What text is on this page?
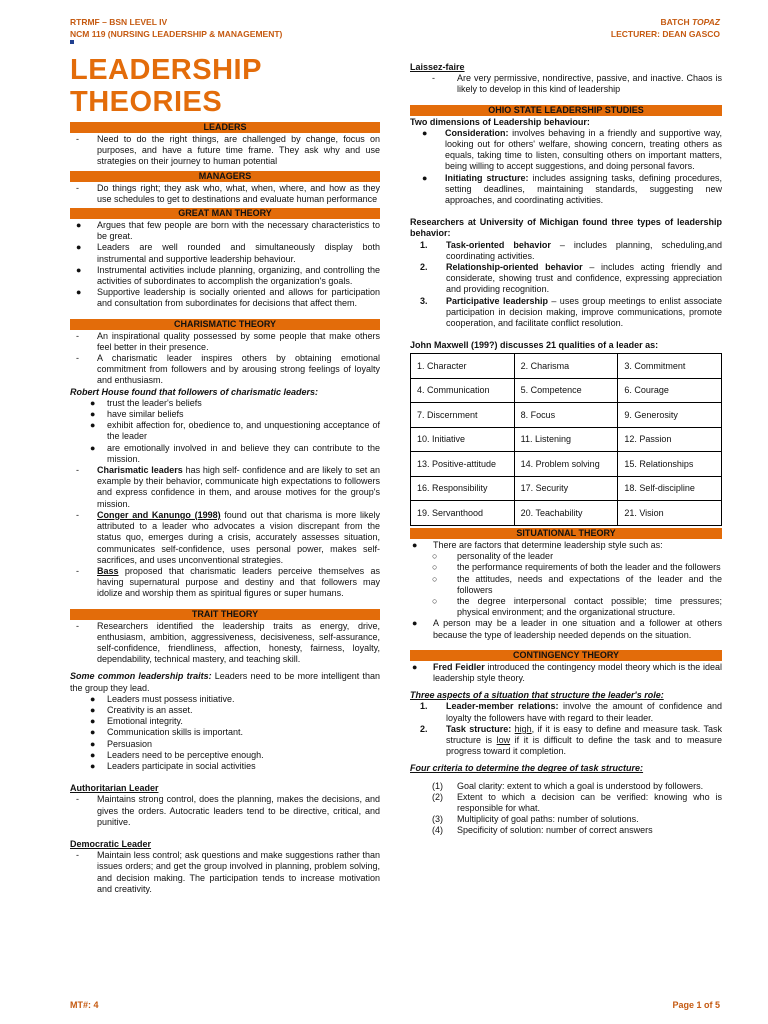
RTRMF – BSN LEVEL IV
NCM 119 (NURSING LEADERSHIP & MANAGEMENT)
BATCH TOPAZ
LECTURER: DEAN GASCO
LEADERSHIP
THEORIES
LEADERS
- Need to do the right things, are challenged by change, focus on purposes, and have a future time frame. They ask why and use strategies on their journey to human potential
MANAGERS
- Do things right; they ask who, what, when, where, and how as they use schedules to get to destinations and evaluate human performance
GREAT MAN THEORY
● Argues that few people are born with the necessary characteristics to be great.
● Leaders are well rounded and simultaneously display both instrumental and supportive leadership behaviour.
● Instrumental activities include planning, organizing, and controlling the activities of subordinates to accomplish the organization's goals.
● Supportive leadership is socially oriented and allows for participation and consultation from subordinates for decisions that affect them.
CHARISMATIC THEORY
- An inspirational quality possessed by some people that make others feel better in their presence.
- A charismatic leader inspires others by obtaining emotional commitment from followers and by arousing strong feelings of loyalty and enthusiasm.
Robert House found that followers of charismatic leaders:
● trust the leader's beliefs
● have similar beliefs
● exhibit affection for, obedience to, and unquestioning acceptance of the leader
● are emotionally involved in and believe they can contribute to the mission.
- Charismatic leaders has high self- confidence and are likely to set an example by their behavior, communicate high expectations to followers and express confidence in them, and arouse motives for the group's mission.
- Conger and Kanungo (1998) found out that charisma is more likely attributed to a leader who advocates a vision discrepant from the status quo, emerges during a crisis, accurately assesses situation, communicates self-confidence, uses personal power, makes self-sacrifices, and uses unconventional strategies.
- Bass proposed that charismatic leaders perceive themselves as having supernatural purpose and destiny and that followers may idolize and worship them as spiritual figures or super humans.
TRAIT THEORY
- Researchers identified the leadership traits as energy, drive, enthusiasm, ambition, aggressiveness, decisiveness, self-assurance, self-confidence, friendliness, affection, honesty, fairness, loyalty, dependability, technical mastery, and teaching skill.
Some common leadership traits: Leaders need to be more intelligent than the group they lead.
● Leaders must possess initiative.
● Creativity is an asset.
● Emotional integrity.
● Communication skills is important.
● Persuasion
● Leaders need to be perceptive enough.
● Leaders participate in social activities
Authoritarian Leader
- Maintains strong control, does the planning, makes the decisions, and gives the orders. Autocratic leaders tend to be directive, critical, and punitive.
Democratic Leader
- Maintain less control; ask questions and make suggestions rather than issues orders; and get the group involved in planning, problem solving, and decision making. The participation tends to increase motivation and creativity.
Laissez-faire
-	Are very permissive, nondirective, passive, and inactive. Chaos is likely to develop in this kind of leadership
OHIO STATE LEADERSHIP STUDIES
Two dimensions of Leadership behaviour:
●	Consideration: involves behaving in a friendly and supportive way, looking out for others' welfare, showing concern, treating others as equals, taking time to listen, consulting others on important matters, being willing to accept suggestions, and doing personal favors.
●	Initiating structure: includes assigning tasks, defining procedures, setting deadlines, maintaining standards, suggesting new approaches, and coordinating activities.
Researchers at University of Michigan found three types of leadership behavior:
1. Task-oriented behavior – includes planning, scheduling,and coordinating activities.
2. Relationship-oriented behavior – includes acting friendly and considerate, showing trust and confidence, expressing appreciation and providing recognition.
3. Participative leadership – uses group meetings to enlist associate participation in decision making, improve communications, promote cooperation, and facilitate conflict resolution.
John Maxwell (199?) discusses 21 qualities of a leader as:
1. Character	2. Charisma	3. Commitment
4. Communication	5. Competence	6. Courage
7. Discernment	8. Focus	9. Generosity
10. Initiative	11. Listening	12. Passion
13. Positive-attitude	14. Problem solving	15. Relationships
16. Responsibility	17. Security	18. Self-discipline
19. Servanthood	20. Teachability	21. Vision
SITUATIONAL THEORY
● There are factors that determine leadership style such as:
○ personality of the leader
○ the performance requirements of both the leader and the followers
○ the attitudes, needs and expectations of the leader and the followers
○ the degree interpersonal contact possible; time pressures; physical environment; and the organizational structure.
● A person may be a leader in one situation and a follower at others because the type of leadership needed depends on the situation.
CONTINGENCY THEORY
● Fred Feidler introduced the contingency model theory which is the ideal leadership style theory.
Three aspects of a situation that structure the leader's role:
1. Leader-member relations: involve the amount of confidence and loyalty the followers have with regard to their leader.
2. Task structure: high, if it is easy to define and measure task. Task structure is low if it is difficult to define the task and to measure progress toward it completion.
Four criteria to determine the degree of task structure:
(1) Goal clarity: extent to which a goal is understood by followers.
(2) Extent to which a decision can be verified: knowing who is responsible for what.
(3) Multiplicity of goal paths: number of solutions.
(4) Specificity of solution: number of correct answers
MT#: 4	Page 1 of 5
